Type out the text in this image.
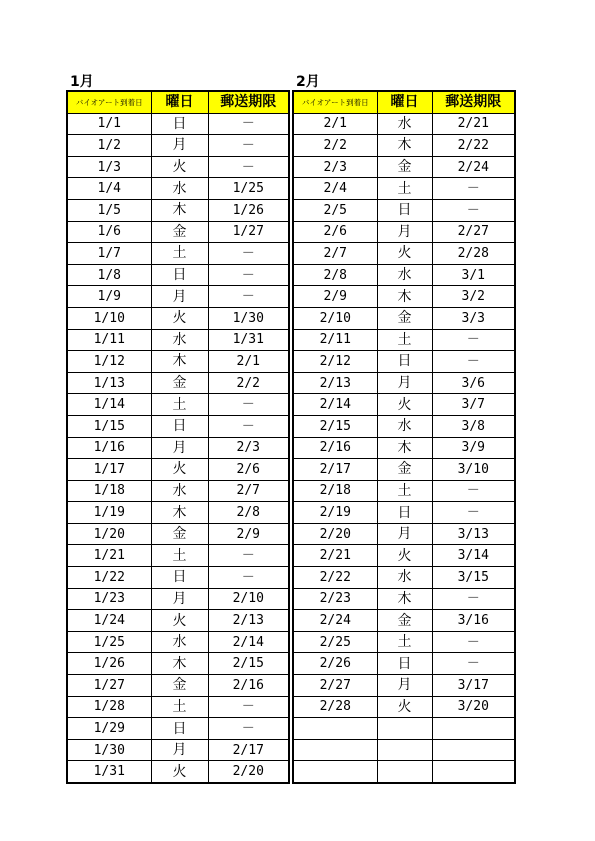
1月	2月
バイオアート到着日	曜日	郵送期限
1/1	日	－
1/2	月	－
1/3	火	－
1/4	水	1/25
1/5	木	1/26
1/6	金	1/27
1/7	土	－
1/8	日	－
1/9	月	－
1/10	火	1/30
1/11	水	1/31
1/12	木	2/1
1/13	金	2/2
1/14	土	－
1/15	日	－
1/16	月	2/3
1/17	火	2/6
1/18	水	2/7
1/19	木	2/8
1/20	金	2/9
1/21	土	－
1/22	日	－
1/23	月	2/10
1/24	火	2/13
1/25	水	2/14
1/26	木	2/15
1/27	金	2/16
1/28	土	－
1/29	日	－
1/30	月	2/17
1/31	火	2/20
バイオアート到着日	曜日	郵送期限
2/1	水	2/21
2/2	木	2/22
2/3	金	2/24
2/4	土	－
2/5	日	－
2/6	月	2/27
2/7	火	2/28
2/8	水	3/1
2/9	木	3/2
2/10	金	3/3
2/11	土	－
2/12	日	－
2/13	月	3/6
2/14	火	3/7
2/15	水	3/8
2/16	木	3/9
2/17	金	3/10
2/18	土	－
2/19	日	－
2/20	月	3/13
2/21	火	3/14
2/22	水	3/15
2/23	木	－
2/24	金	3/16
2/25	土	－
2/26	日	－
2/27	月	3/17
2/28	火	3/20
